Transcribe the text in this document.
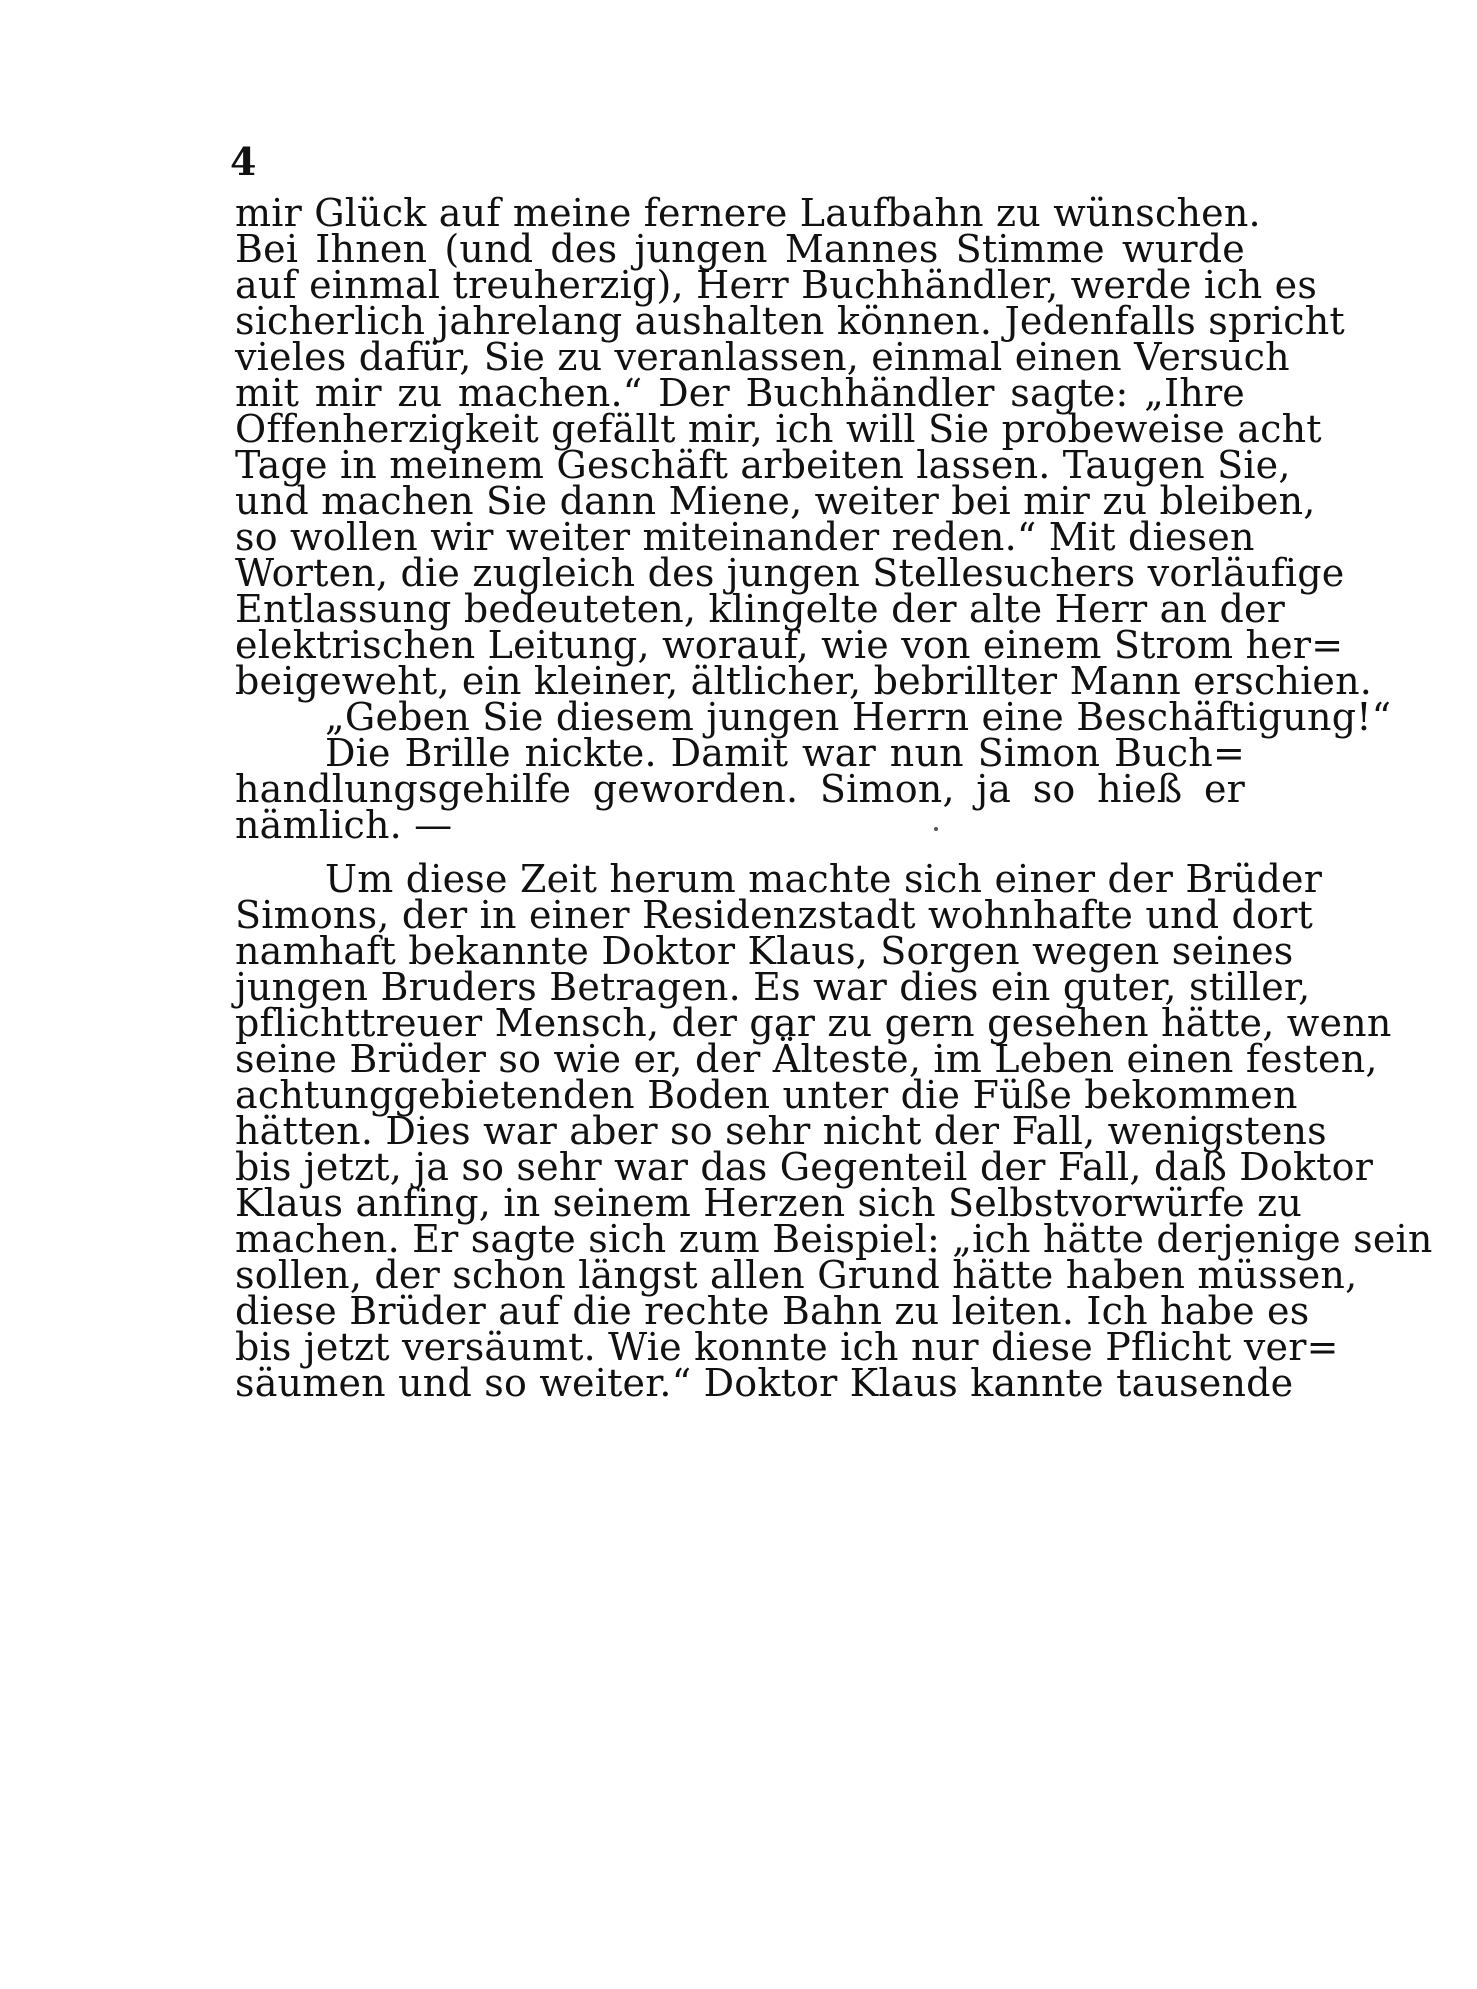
4
mir Glück auf meine fernere Laufbahn zu wünschen.
Bei Ihnen (und des jungen Mannes Stimme wurde
auf einmal treuherzig), Herr Buchhändler, werde ich es
sicherlich jahrelang aushalten können. Jedenfalls spricht
vieles dafür, Sie zu veranlassen, einmal einen Versuch
mit mir zu machen.“ Der Buchhändler sagte: „Ihre
Offenherzigkeit gefällt mir, ich will Sie probeweise acht
Tage in meinem Geschäft arbeiten lassen. Taugen Sie,
und machen Sie dann Miene, weiter bei mir zu bleiben,
so wollen wir weiter miteinander reden.“ Mit diesen
Worten, die zugleich des jungen Stellesuchers vorläufige
Entlassung bedeuteten, klingelte der alte Herr an der
elektrischen Leitung, worauf, wie von einem Strom her=
beigeweht, ein kleiner, ältlicher, bebrillter Mann erschien.
„Geben Sie diesem jungen Herrn eine Beschäftigung!“
Die Brille nickte. Damit war nun Simon Buch=
handlungsgehilfe geworden. Simon, ja so hieß er
nämlich. —
Um diese Zeit herum machte sich einer der Brüder
Simons, der in einer Residenzstadt wohnhafte und dort
namhaft bekannte Doktor Klaus, Sorgen wegen seines
jungen Bruders Betragen. Es war dies ein guter, stiller,
pflichttreuer Mensch, der gar zu gern gesehen hätte, wenn
seine Brüder so wie er, der Älteste, im Leben einen festen,
achtunggebietenden Boden unter die Füße bekommen
hätten. Dies war aber so sehr nicht der Fall, wenigstens
bis jetzt, ja so sehr war das Gegenteil der Fall, daß Doktor
Klaus anfing, in seinem Herzen sich Selbstvorwürfe zu
machen. Er sagte sich zum Beispiel: „ich hätte derjenige sein
sollen, der schon längst allen Grund hätte haben müssen,
diese Brüder auf die rechte Bahn zu leiten. Ich habe es
bis jetzt versäumt. Wie konnte ich nur diese Pflicht ver=
säumen und so weiter.“ Doktor Klaus kannte tausende
